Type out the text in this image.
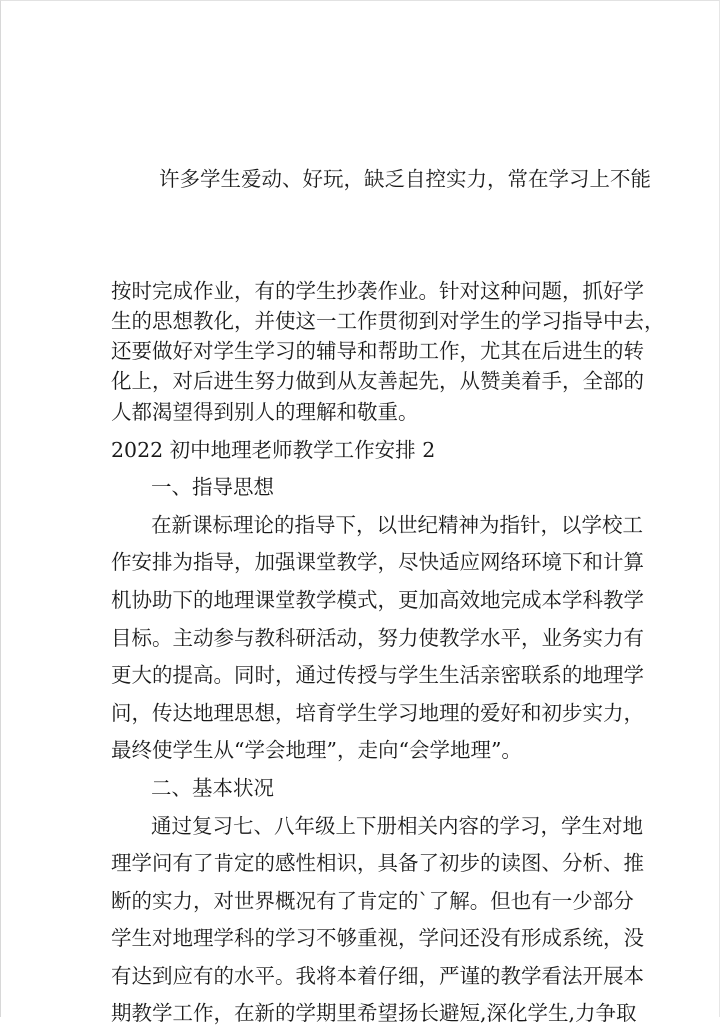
许多学生爱动、好玩，缺乏自控实力，常在学习上不能

按时完成作业，有的学生抄袭作业。针对这种问题，抓好学
生的思想教化，并使这一工作贯彻到对学生的学习指导中去，
还要做好对学生学习的辅导和帮助工作，尤其在后进生的转
化上，对后进生努力做到从友善起先，从赞美着手，全部的
人都渴望得到别人的理解和敬重。
2022 初中地理老师教学工作安排 2
一、指导思想
在新课标理论的指导下，以世纪精神为指针，以学校工
作安排为指导，加强课堂教学，尽快适应网络环境下和计算
机协助下的地理课堂教学模式，更加高效地完成本学科教学
目标。主动参与教科研活动，努力使教学水平，业务实力有
更大的提高。同时，通过传授与学生生活亲密联系的地理学
问，传达地理思想，培育学生学习地理的爱好和初步实力，
最终使学生从“学会地理”，走向“会学地理”。
二、基本状况
通过复习七、八年级上下册相关内容的学习，学生对地
理学问有了肯定的感性相识，具备了初步的读图、分析、推
断的实力，对世界概况有了肯定的`了解。但也有一少部分
学生对地理学科的学习不够重视，学问还没有形成系统，没
有达到应有的水平。我将本着仔细，严谨的教学看法开展本
期教学工作，在新的学期里希望扬长避短,深化学生,力争取
